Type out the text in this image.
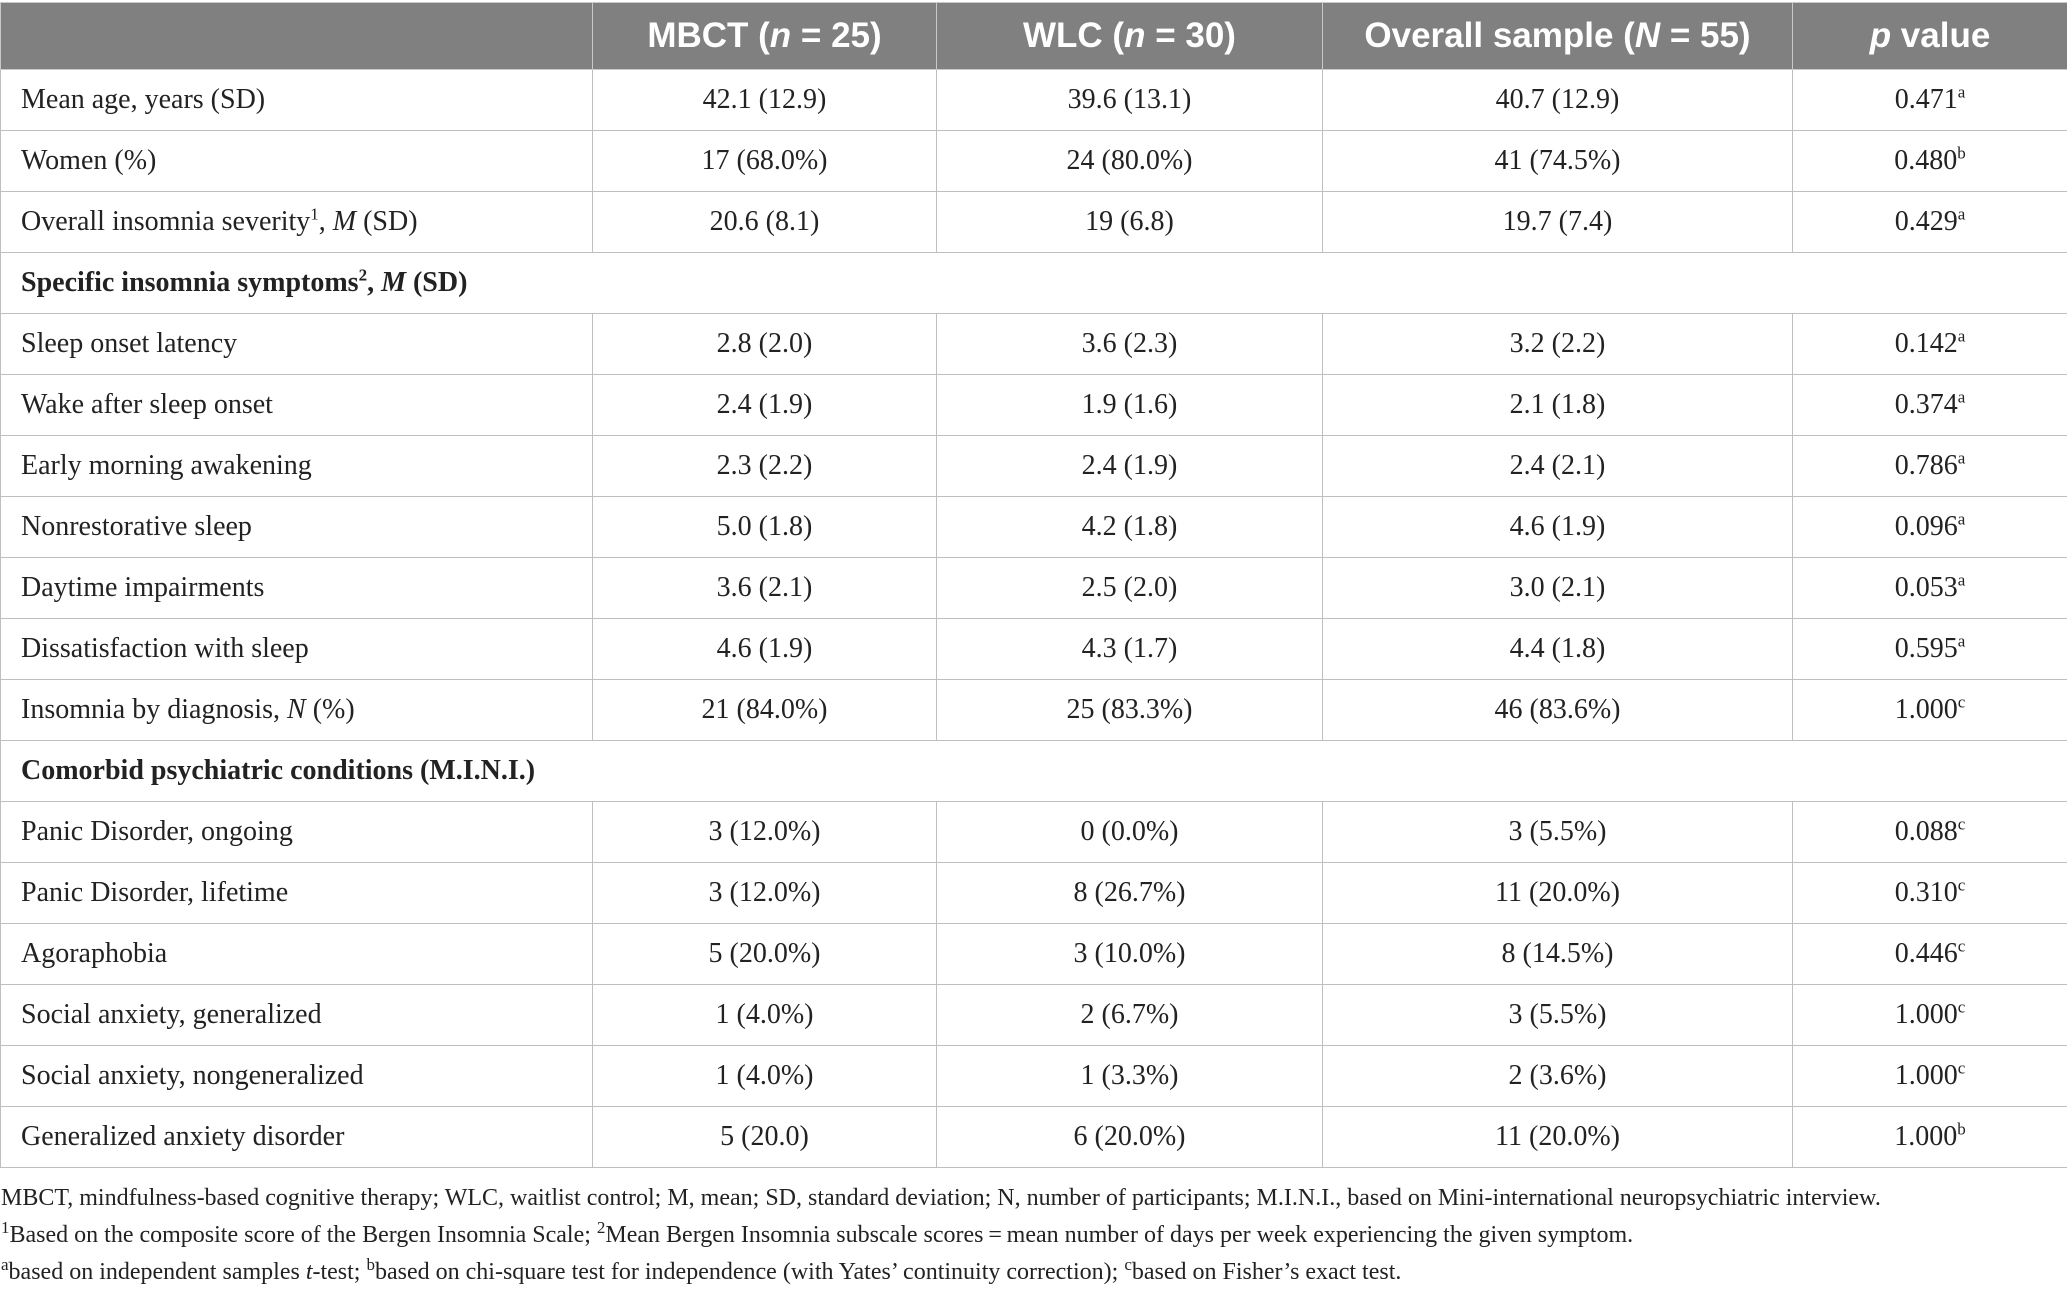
	MBCT (n = 25)	WLC (n = 30)	Overall sample (N = 55)	p value
Mean age, years (SD)	42.1 (12.9)	39.6 (13.1)	40.7 (12.9)	0.471$^a$
Women (%)	17 (68.0%)	24 (80.0%)	41 (74.5%)	0.480$^b$
Overall insomnia severity$^1$, M (SD)	20.6 (8.1)	19 (6.8)	19.7 (7.4)	0.429$^a$
Specific insomnia symptoms$^2$, M (SD)				
Sleep onset latency	2.8 (2.0)	3.6 (2.3)	3.2 (2.2)	0.142$^a$
Wake after sleep onset	2.4 (1.9)	1.9 (1.6)	2.1 (1.8)	0.374$^a$
Early morning awakening	2.3 (2.2)	2.4 (1.9)	2.4 (2.1)	0.786$^a$
Nonrestorative sleep	5.0 (1.8)	4.2 (1.8)	4.6 (1.9)	0.096$^a$
Daytime impairments	3.6 (2.1)	2.5 (2.0)	3.0 (2.1)	0.053$^a$
Dissatisfaction with sleep	4.6 (1.9)	4.3 (1.7)	4.4 (1.8)	0.595$^a$
Insomnia by diagnosis, N (%)	21 (84.0%)	25 (83.3%)	46 (83.6%)	1.000$^c$
Comorbid psychiatric conditions (M.I.N.I.)				
Panic Disorder, ongoing	3 (12.0%)	0 (0.0%)	3 (5.5%)	0.088$^c$
Panic Disorder, lifetime	3 (12.0%)	8 (26.7%)	11 (20.0%)	0.310$^c$
Agoraphobia	5 (20.0%)	3 (10.0%)	8 (14.5%)	0.446$^c$
Social anxiety, generalized	1 (4.0%)	2 (6.7%)	3 (5.5%)	1.000$^c$
Social anxiety, nongeneralized	1 (4.0%)	1 (3.3%)	2 (3.6%)	1.000$^c$
Generalized anxiety disorder	5 (20.0)	6 (20.0%)	11 (20.0%)	1.000$^b$
MBCT, mindfulness-based cognitive therapy; WLC, waitlist control; M, mean; SD, standard deviation; N, number of participants; M.I.N.I., based on Mini-international neuropsychiatric interview.
$^1$Based on the composite score of the Bergen Insomnia Scale; $^2$Mean Bergen Insomnia subscale scores = mean number of days per week experiencing the given symptom.
$^a$based on independent samples t-test; $^b$based on chi-square test for independence (with Yates’ continuity correction); $^c$based on Fisher’s exact test.
